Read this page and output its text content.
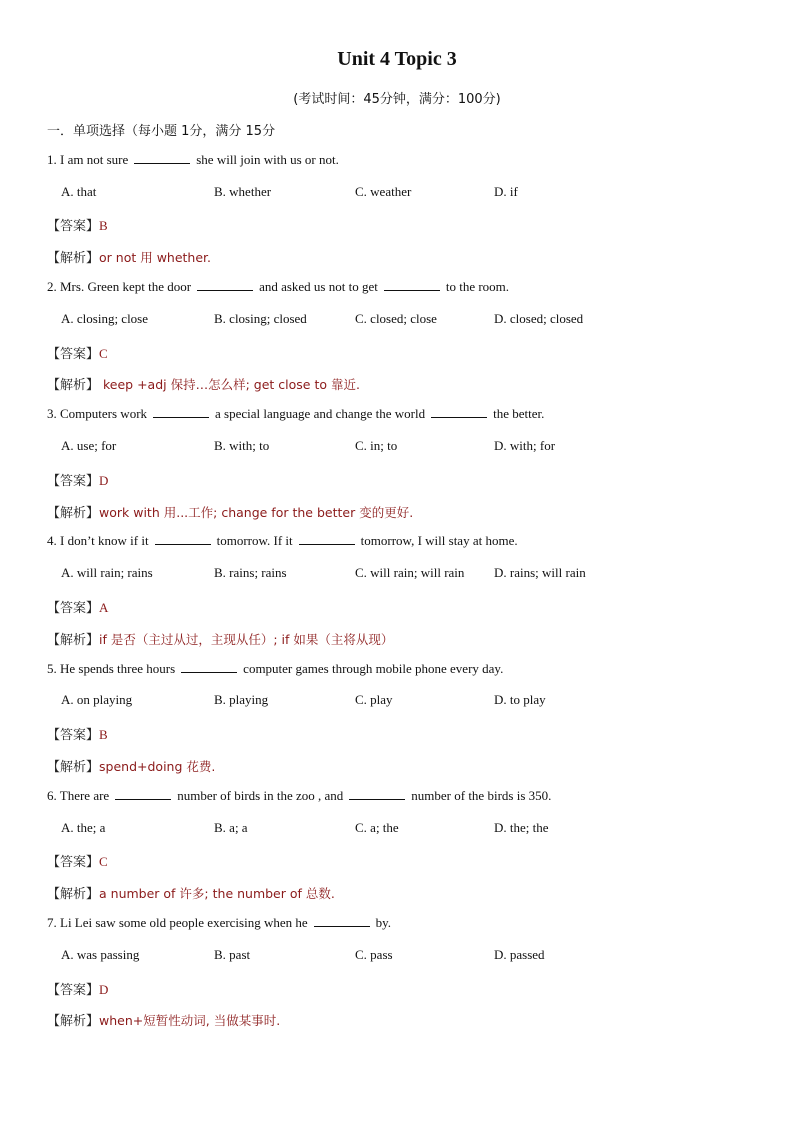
Unit 4 Topic 3
(考试时间：45分钟，满分：100分)
一．单项选择（每小题 1分，满分 15分
1. I am not sure	she will join with us or not.
A. that	B. whether	C. weather	D. if
【答案】B
【解析】or not 用 whether.
2. Mrs. Green kept the door	and asked us not to get	to the room.
A. closing; close	B. closing; closed	C. closed; close	D. closed; closed
【答案】C
【解析】 keep +adj 保持…怎么样; get close to 靠近.
3. Computers work	a special language and change the world	the better.
A. use; for	B. with; to	C. in; to	D. with; for
【答案】D
【解析】work with 用...工作; change for the better 变的更好.
4. I don’t know if it	tomorrow. If it	tomorrow, I will stay at home.
A. will rain; rains	B. rains; rains	C. will rain; will rain D. rains; will rain
【答案】A
【解析】if 是否（主过从过，主现从任）; if 如果（主将从现）
5. He spends three hours	computer games through mobile phone every day.
A. on playing	B. playing	C. play	D. to play
【答案】B
【解析】spend+doing 花费.
6. There are	number of birds in the zoo , and	number of the birds is 350.
A. the; a	B. a; a	C. a; the	D. the; the
【答案】C
【解析】a number of 许多; the number of 总数.
7. Li Lei saw some old people exercising when he	by.
A. was passing	B. past	C. pass	D. passed
【答案】D
【解析】when+短暂性动词, 当做某事时.
